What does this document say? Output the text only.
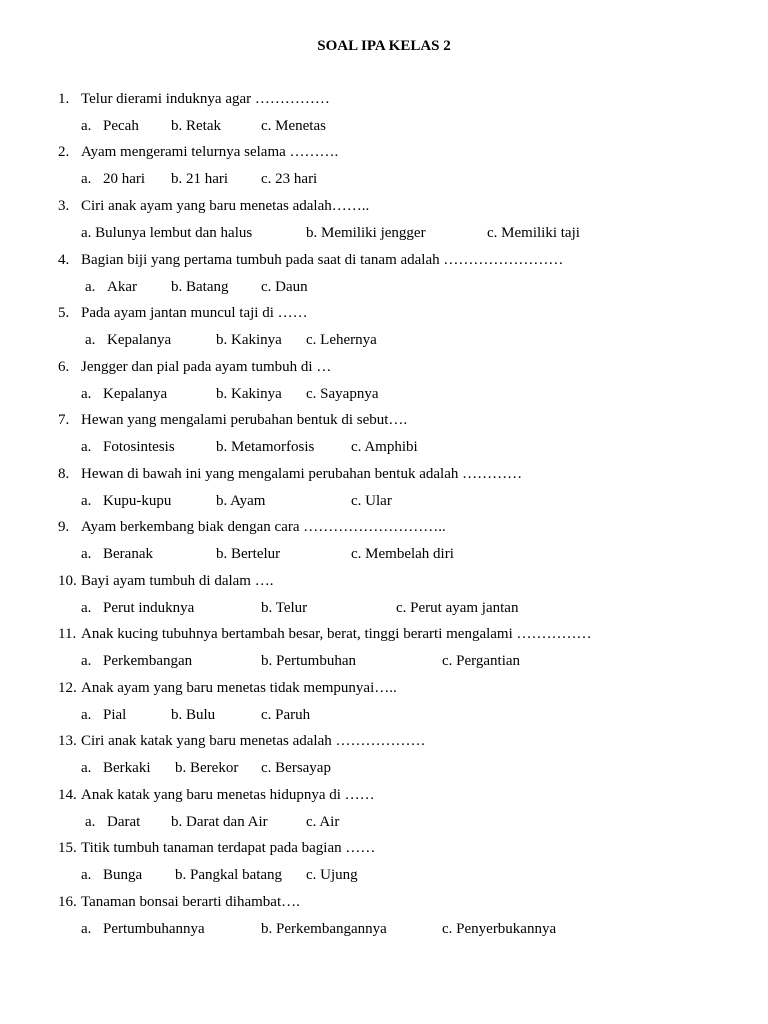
SOAL IPA KELAS 2
1. Telur dierami induknya agar ……………
a. Pecah b. Retak	c. Menetas
2. Ayam mengerami telurnya selama ……….
a. 20 hari b. 21 hari c. 23 hari
3. Ciri anak ayam yang baru menetas adalah……..
a. Bulunya lembut dan halus	b. Memiliki jengger	c. Memiliki taji
4. Bagian biji yang pertama tumbuh pada saat di tanam adalah ……………………
a. Akar b. Batang c. Daun
5. Pada ayam jantan muncul taji di ……
a. Kepalanya	b. Kakinya c. Lehernya
6. Jengger dan pial pada ayam tumbuh di …
a. Kepalanya	b. Kakinya c. Sayapnya
7. Hewan yang mengalami perubahan bentuk di sebut….
a. Fotosintesis	b. Metamorfosis c. Amphibi
8. Hewan di bawah ini yang mengalami perubahan bentuk adalah …………
a. Kupu-kupu	b. Ayam	c. Ular
9. Ayam berkembang biak dengan cara ………………………..
a. Beranak	b. Bertelur	c. Membelah diri
10. Bayi ayam tumbuh di dalam ….
a. Perut induknya	b. Telur	c. Perut ayam jantan
11. Anak kucing tubuhnya bertambah besar, berat, tinggi berarti mengalami ……………
a. Perkembangan	b. Pertumbuhan	c. Pergantian
12. Anak ayam yang baru menetas tidak mempunyai…..
a. Pial	b. Bulu	c. Paruh
13. Ciri anak katak yang baru menetas adalah ………………
a. Berkaki b. Berekor c. Bersayap
14. Anak katak yang baru menetas hidupnya di ……
a. Darat b. Darat dan Air	c. Air
15. Titik tumbuh tanaman terdapat pada bagian ……
a. Bunga b. Pangkal batang c. Ujung
16. Tanaman bonsai berarti dihambat….
a. Pertumbuhannya	b. Perkembangannya	c. Penyerbukannya
